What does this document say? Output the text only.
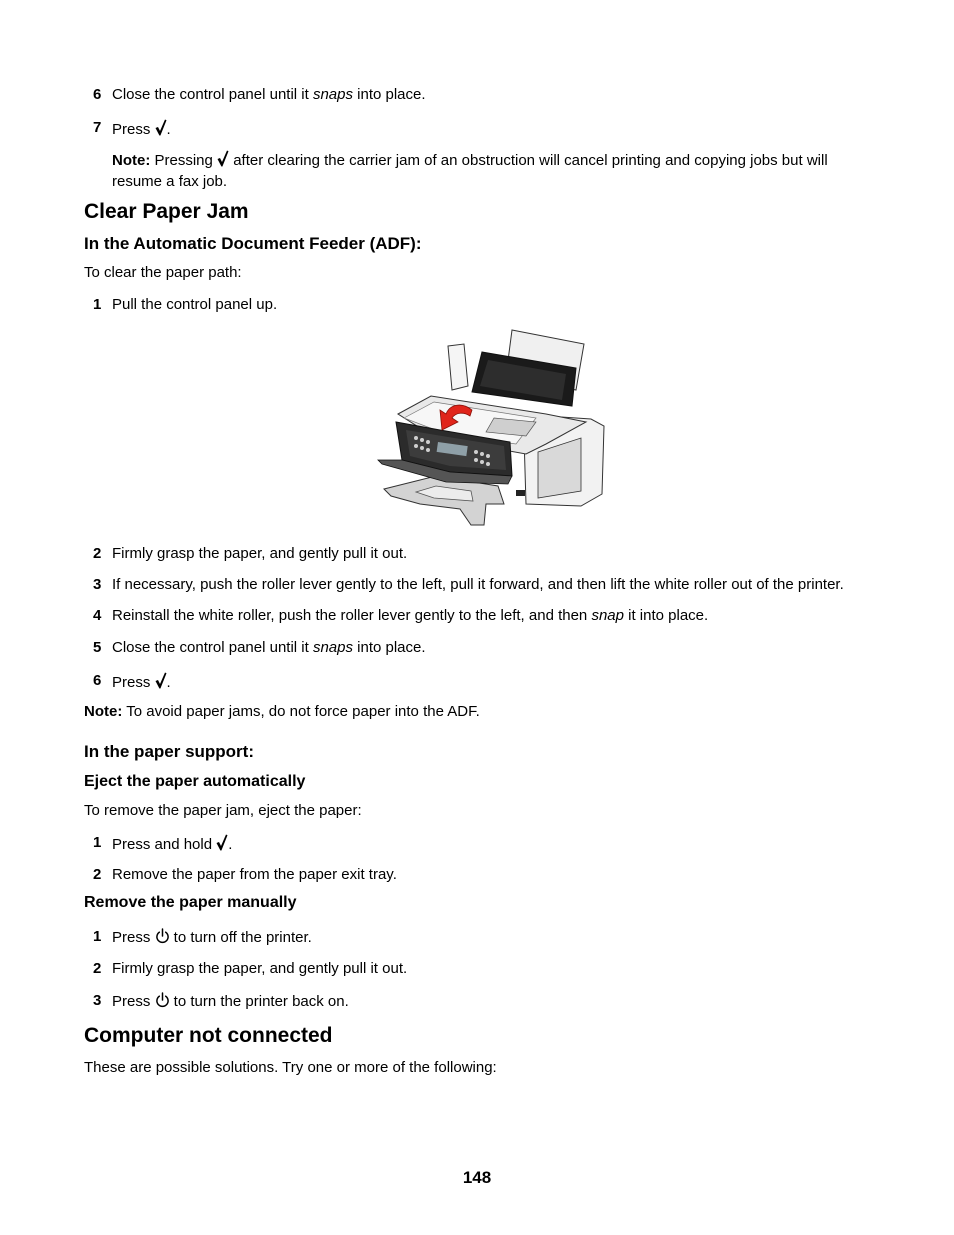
6 Close the control panel until it snaps into place.
7 Press .
Note: Pressing  after clearing the carrier jam of an obstruction will cancel printing and copying jobs but will resume a fax job.
Clear Paper Jam
In the Automatic Document Feeder (ADF):
To clear the paper path:
1 Pull the control panel up.
2 Firmly grasp the paper, and gently pull it out.
3 If necessary, push the roller lever gently to the left, pull it forward, and then lift the white roller out of the printer.
4 Reinstall the white roller, push the roller lever gently to the left, and then snap it into place.
5 Close the control panel until it snaps into place.
6 Press .
Note: To avoid paper jams, do not force paper into the ADF.
In the paper support:
Eject the paper automatically
To remove the paper jam, eject the paper:
1 Press and hold .
2 Remove the paper from the paper exit tray.
Remove the paper manually
1 Press  to turn off the printer.
2 Firmly grasp the paper, and gently pull it out.
3 Press  to turn the printer back on.
Computer not connected
These are possible solutions. Try one or more of the following:
148
